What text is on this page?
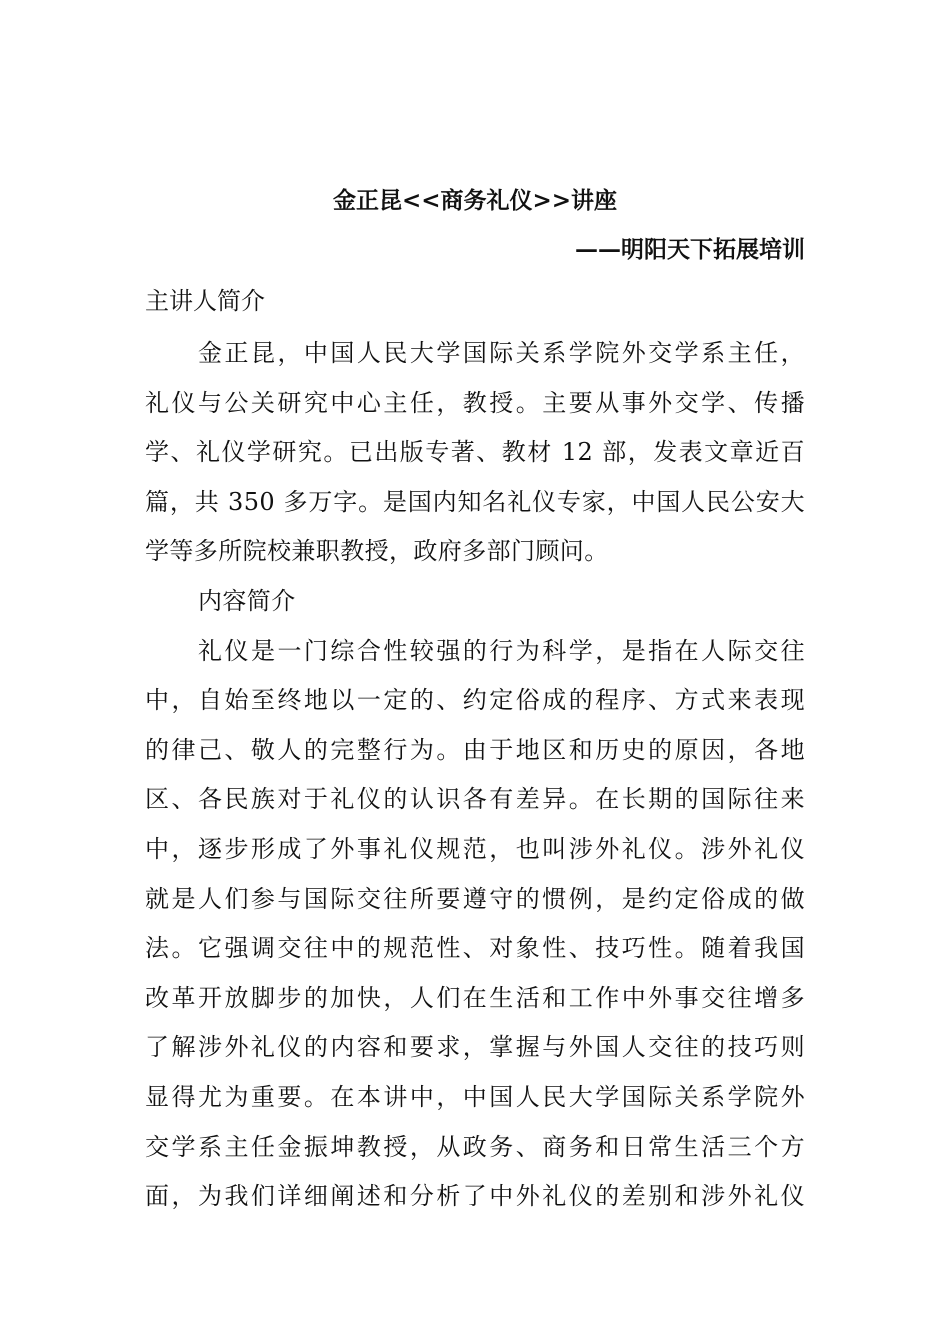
金正昆<<商务礼仪>>讲座
——明阳天下拓展培训
主讲人简介
金正昆，中国人民大学国际关系学院外交学系主任，
礼仪与公关研究中心主任，教授。主要从事外交学、传播
学、礼仪学研究。已出版专著、教材 12 部，发表文章近百
篇，共 350 多万字。是国内知名礼仪专家，中国人民公安大
学等多所院校兼职教授，政府多部门顾问。
内容简介
礼仪是一门综合性较强的行为科学，是指在人际交往
中，自始至终地以一定的、约定俗成的程序、方式来表现
的律己、敬人的完整行为。由于地区和历史的原因，各地
区、各民族对于礼仪的认识各有差异。在长期的国际往来
中，逐步形成了外事礼仪规范，也叫涉外礼仪。涉外礼仪
就是人们参与国际交往所要遵守的惯例，是约定俗成的做
法。它强调交往中的规范性、对象性、技巧性。随着我国
改革开放脚步的加快，人们在生活和工作中外事交往增多
了解涉外礼仪的内容和要求，掌握与外国人交往的技巧则
显得尤为重要。在本讲中，中国人民大学国际关系学院外
交学系主任金振坤教授，从政务、商务和日常生活三个方
面，为我们详细阐述和分析了中外礼仪的差别和涉外礼仪
